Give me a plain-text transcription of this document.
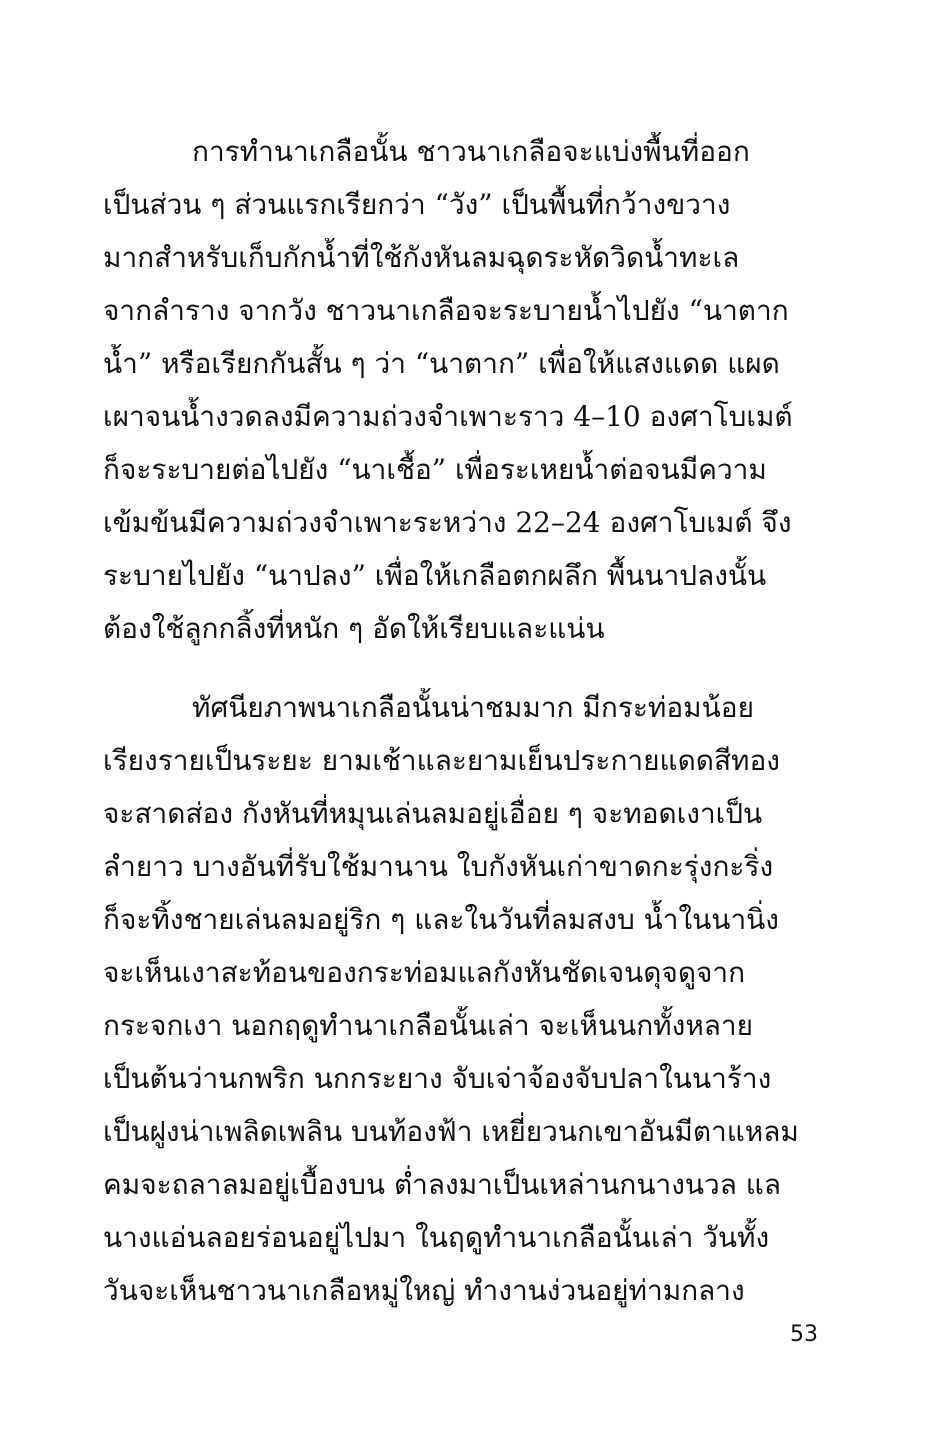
การทำนาเกลือนั้น ชาวนาเกลือจะแบ่งพื้นที่ออก
เป็นส่วน ๆ ส่วนแรกเรียกว่า “วัง” เป็นพื้นที่กว้างขวาง
มากสำหรับเก็บกักน้ำที่ใช้กังหันลมฉุดระหัดวิดน้ำทะเล
จากลำราง จากวัง ชาวนาเกลือจะระบายน้ำไปยัง “นาตาก
น้ำ” หรือเรียกกันสั้น ๆ ว่า “นาตาก” เพื่อให้แสงแดด แผด
เผาจนน้ำงวดลงมีความถ่วงจำเพาะราว 4–10 องศาโบเมต์
ก็จะระบายต่อไปยัง “นาเชื้อ” เพื่อระเหยน้ำต่อจนมีความ
เข้มข้นมีความถ่วงจำเพาะระหว่าง 22–24 องศาโบเมต์ จึง
ระบายไปยัง “นาปลง” เพื่อให้เกลือตกผลึก พื้นนาปลงนั้น
ต้องใช้ลูกกลิ้งที่หนัก ๆ อัดให้เรียบและแน่น
ทัศนียภาพนาเกลือนั้นน่าชมมาก มีกระท่อมน้อย
เรียงรายเป็นระยะ ยามเช้าและยามเย็นประกายแดดสีทอง
จะสาดส่อง กังหันที่หมุนเล่นลมอยู่เอื่อย ๆ จะทอดเงาเป็น
ลำยาว บางอันที่รับใช้มานาน ใบกังหันเก่าขาดกะรุ่งกะริ่ง
ก็จะทิ้งชายเล่นลมอยู่ริก ๆ และในวันที่ลมสงบ น้ำในนานิ่ง
จะเห็นเงาสะท้อนของกระท่อมแลกังหันชัดเจนดุจดูจาก
กระจกเงา นอกฤดูทำนาเกลือนั้นเล่า จะเห็นนกทั้งหลาย
เป็นต้นว่านกพริก นกกระยาง จับเจ่าจ้องจับปลาในนาร้าง
เป็นฝูงน่าเพลิดเพลิน บนท้องฟ้า เหยี่ยวนกเขาอันมีตาแหลม
คมจะถลาลมอยู่เบื้องบน ต่ำลงมาเป็นเหล่านกนางนวล แล
นางแอ่นลอยร่อนอยู่ไปมา ในฤดูทำนาเกลือนั้นเล่า วันทั้ง
วันจะเห็นชาวนาเกลือหมู่ใหญ่ ทำงานง่วนอยู่ท่ามกลาง
53
